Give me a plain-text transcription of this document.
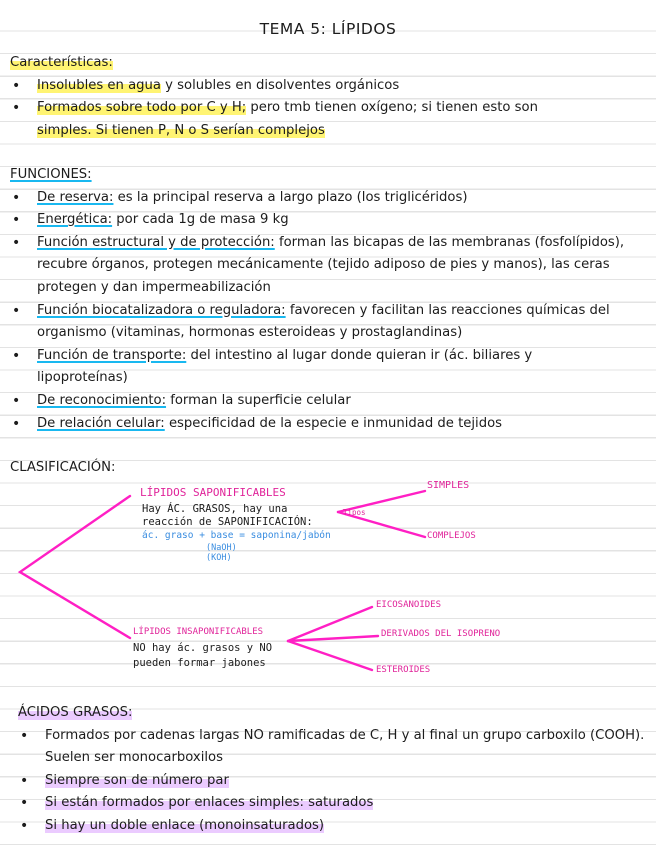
TEMA 5: LÍPIDOS
Características:
• Insolubles en agua y solubles en disolventes orgánicos
• Formados sobre todo por C y H; pero tmb tienen oxígeno; si tienen esto son
simples. Si tienen P, N o S serían complejos
FUNCIONES:
• De reserva: es la principal reserva a largo plazo (los triglicéridos)
• Energética: por cada 1g de masa 9 kg
• Función estructural y de protección: forman las bicapas de las membranas (fosfolípidos), recubre órganos, protegen mecánicamente (tejido adiposo de pies y manos), las ceras protegen y dan impermeabilización
• Función biocatalizadora o reguladora: favorecen y facilitan las reacciones químicas del organismo (vitaminas, hormonas esteroideas y prostaglandinas)
• Función de transporte: del intestino al lugar donde quieran ir (ác. biliares y lipoproteínas)
• De reconocimiento: forman la superficie celular
• De relación celular: especificidad de la especie e inmunidad de tejidos
CLASIFICACIÓN:
LÍPIDOS SAPONIFICABLES
Hay ÁC. GRASOS, hay una
reacción de SAPONIFICACIÓN:
ác. graso + base = saponina/jabón
(NaOH)
(KOH)
Tipos
SIMPLES
COMPLEJOS
LÍPIDOS INSAPONIFICABLES
NO hay ác. grasos y NO
pueden formar jabones
EICOSANOIDES
DERIVADOS DEL ISOPRENO
ESTEROIDES
ÁCIDOS GRASOS:
• Formados por cadenas largas NO ramificadas de C, H y al final un grupo carboxilo (COOH). Suelen ser monocarboxilos
• Siempre son de número par
• Si están formados por enlaces simples: saturados
• Si hay un doble enlace (monoinsaturados)
